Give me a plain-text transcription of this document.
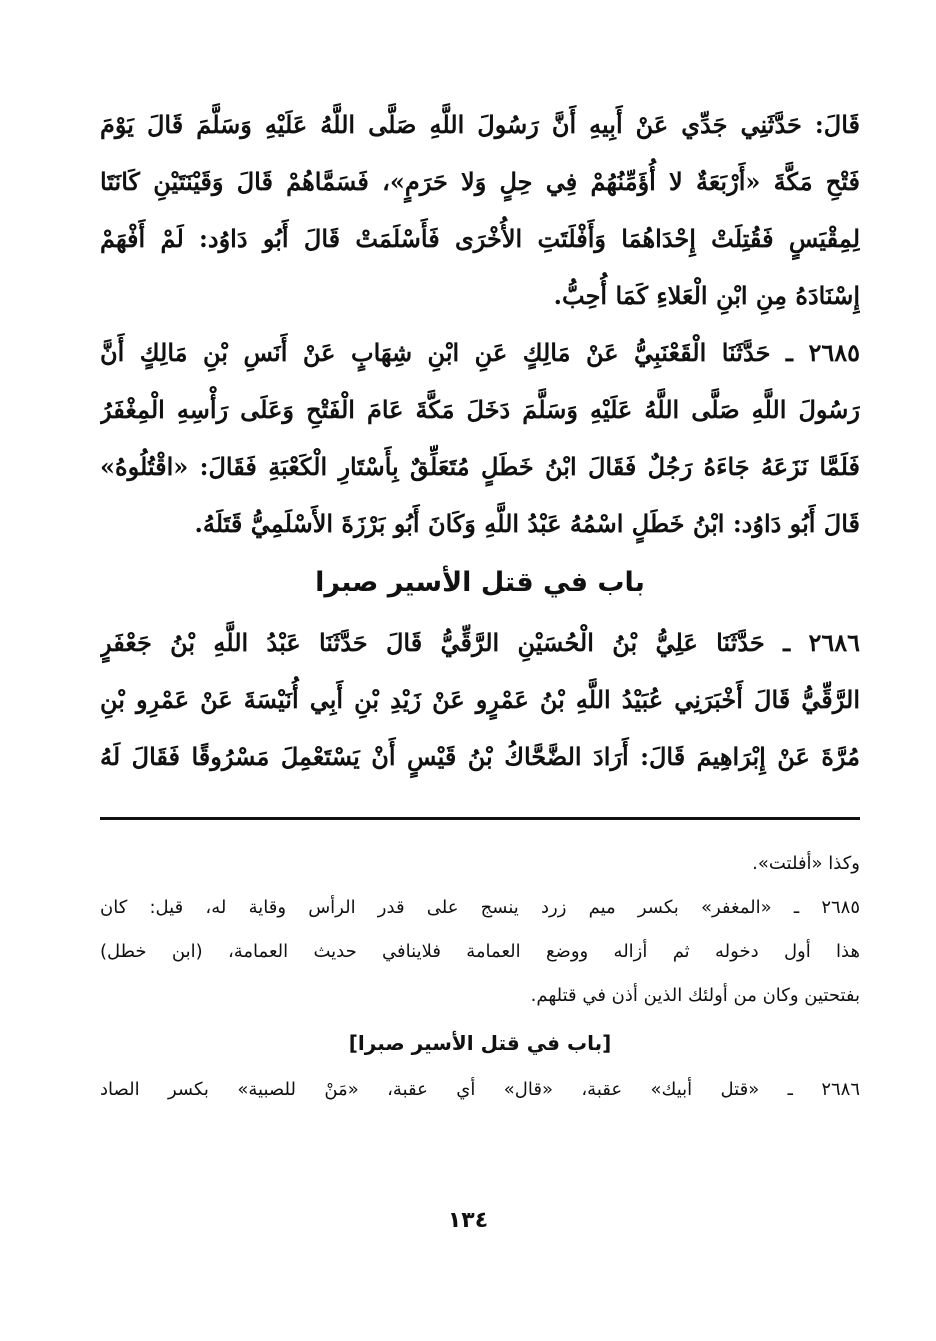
قَالَ: حَدَّثَنِي جَدِّي عَنْ أَبِيهِ أَنَّ رَسُولَ اللَّهِ صَلَّى اللَّهُ عَلَيْهِ وَسَلَّمَ قَالَ يَوْمَ
فَتْحِ مَكَّةَ «أَرْبَعَةٌ لا أُؤَمِّنُهُمْ فِي حِلٍ وَلا حَرَمٍ»، فَسَمَّاهُمْ قَالَ وَقَيْنَتَيْنِ كَانَتَا
لِمِقْيَسٍ فَقُتِلَتْ إِحْدَاهُمَا وَأَفْلَتَتِ الأُخْرَى فَأَسْلَمَتْ قَالَ أَبُو دَاوُد: لَمْ أَفْهَمْ
إِسْنَادَهُ مِنِ ابْنِ الْعَلاءِ كَمَا أُحِبُّ.
٢٦٨٥ ـ حَدَّثَنَا الْقَعْنَبِيُّ عَنْ مَالِكٍ عَنِ ابْنِ شِهَابٍ عَنْ أَنَسِ بْنِ مَالِكٍ أَنَّ
رَسُولَ اللَّهِ صَلَّى اللَّهُ عَلَيْهِ وَسَلَّمَ دَخَلَ مَكَّةَ عَامَ الْفَتْحِ وَعَلَى رَأْسِهِ الْمِغْفَرُ
فَلَمَّا نَزَعَهُ جَاءَهُ رَجُلٌ فَقَالَ ابْنُ خَطَلٍ مُتَعَلِّقٌ بِأَسْتَارِ الْكَعْبَةِ فَقَالَ: «اقْتُلُوهُ»
قَالَ أَبُو دَاوُد: ابْنُ خَطَلٍ اسْمُهُ عَبْدُ اللَّهِ وَكَانَ أَبُو بَرْزَةَ الأَسْلَمِيُّ قَتَلَهُ.
باب في قتل الأسير صبرا
٢٦٨٦ ـ حَدَّثَنَا عَلِيُّ بْنُ الْحُسَيْنِ الرَّقِّيُّ قَالَ حَدَّثَنَا عَبْدُ اللَّهِ بْنُ جَعْفَرٍ
الرَّقِّيُّ قَالَ أَخْبَرَنِي عُبَيْدُ اللَّهِ بْنُ عَمْرٍو عَنْ زَيْدِ بْنِ أَبِي أُنَيْسَةَ عَنْ عَمْرِو بْنِ
مُرَّةَ عَنْ إِبْرَاهِيمَ قَالَ: أَرَادَ الضَّحَّاكُ بْنُ قَيْسٍ أَنْ يَسْتَعْمِلَ مَسْرُوقًا فَقَالَ لَهُ
وكذا «أفلتت».
٢٦٨٥ ـ «المغفر» بكسر ميم زرد ينسج على قدر الرأس وقاية له، قيل: كان
هذا أول دخوله ثم أزاله ووضع العمامة فلاينافي حديث العمامة، (ابن خطل)
بفتحتين وكان من أولئك الذين أذن في قتلهم.
[باب في قتل الأسير صبرا]
٢٦٨٦ ـ «قتل أبيك» عقبة، «قال» أي عقبة، «مَنْ للصبية» بكسر الصاد
١٣٤
